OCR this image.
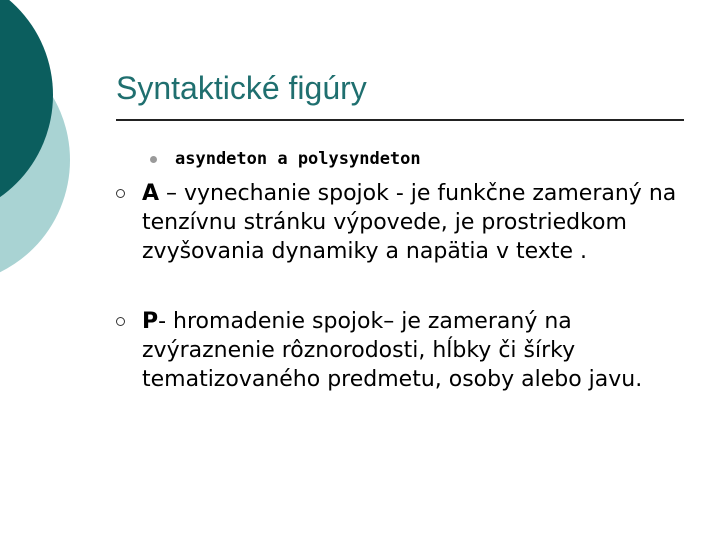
Syntaktické figúry
asyndeton a polysyndeton
A – vynechanie spojok - je funkčne zameraný na tenzívnu stránku výpovede, je prostriedkom zvyšovania dynamiky a napätia v texte .
P- hromadenie spojok– je zameraný na zvýraznenie rôznorodosti, hĺbky či šírky tematizovaného predmetu, osoby alebo javu.
